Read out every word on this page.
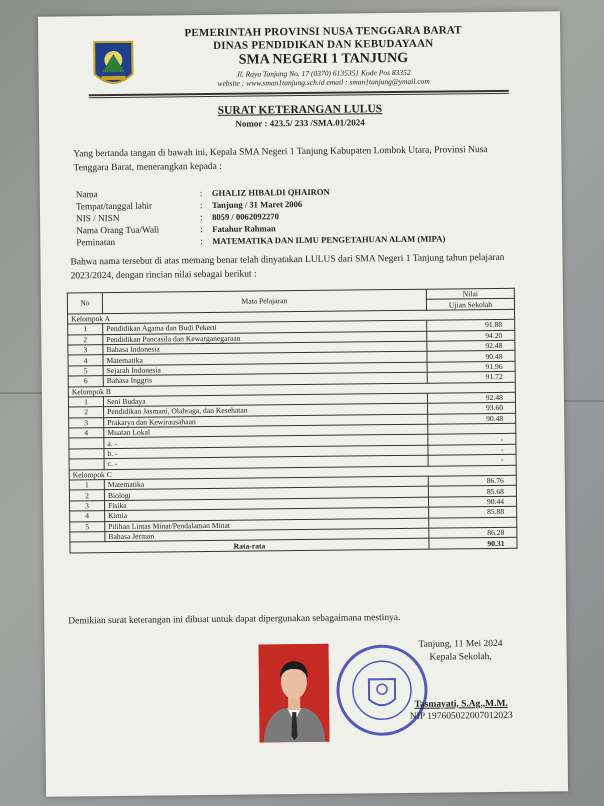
PEMERINTAH PROVINSI NUSA TENGGARA BARAT
DINAS PENDIDIKAN DAN KEBUDAYAAN
SMA NEGERI 1 TANJUNG
Jl. Raya Tanjung No. 17 (0370) 6135351 Kode Pos 83352
website : www.sman1tanjung.sch.id email : sman1tanjung@ymail.com
SURAT KETERANGAN LULUS
Nomor : 423.5/ 233 /SMA.01/2024
Yang bertanda tangan di bawah ini, Kepala SMA Negeri 1 Tanjung Kabupaten Lombok Utara, Provinsi Nusa Tenggara Barat, menerangkan kepada :
Nama	:	GHALIZ HIBALDI QHAIRON
Tempat/tanggal lahir	:	Tanjung / 31 Maret 2006
NIS / NISN	:	8059 / 0062092270
Nama Orang Tua/Wali	:	Fatahur Rahman
Peminatan	:	MATEMATIKA DAN ILMU PENGETAHUAN ALAM (MIPA)
Bahwa nama tersebut di atas memang benar telah dinyatakan LULUS dari SMA Negeri 1 Tanjung tahun pelajaran 2023/2024, dengan rincian nilai sebagai berikut :
No	Mata Pelajaran	Nilai
		Ujian Sekolah
Kelompok A		
1	Pendidikan Agama dan Budi Pekerti	91.88
2	Pendidikan Pancasila dan Kewarganegaraan	94.20
3	Bahasa Indonesia	92.48
4	Matematika	90.48
5	Sejarah Indonesia	91.96
6	Bahasa Inggris	91.72
Kelompok B		
1	Seni Budaya	92.48
2	Pendidikan Jasmani, Olahraga, dan Kesehatan	93.60
3	Prakarya dan Kewirausahaan	90.48
4	Muatan Lokal	
	a. -	-
	b. -	-
	c. -	-
Kelompok C		
1	Matematika	86.76
2	Biologi	85.68
3	Fisika	90.44
4	Kimia	85.88
5	Pilihan Lintas Minat/Pendalaman Minat	
	Bahasa Jerman	86.28
Rata-rata		90.31
Demikian surat keterangan ini dibuat untuk dapat dipergunakan sebagaimana mestinya.
Tanjung, 11 Mei 2024
Kepala Sekolah,
Tasmayati, S.Ag.,M.M.
NIP 197605022007012023
